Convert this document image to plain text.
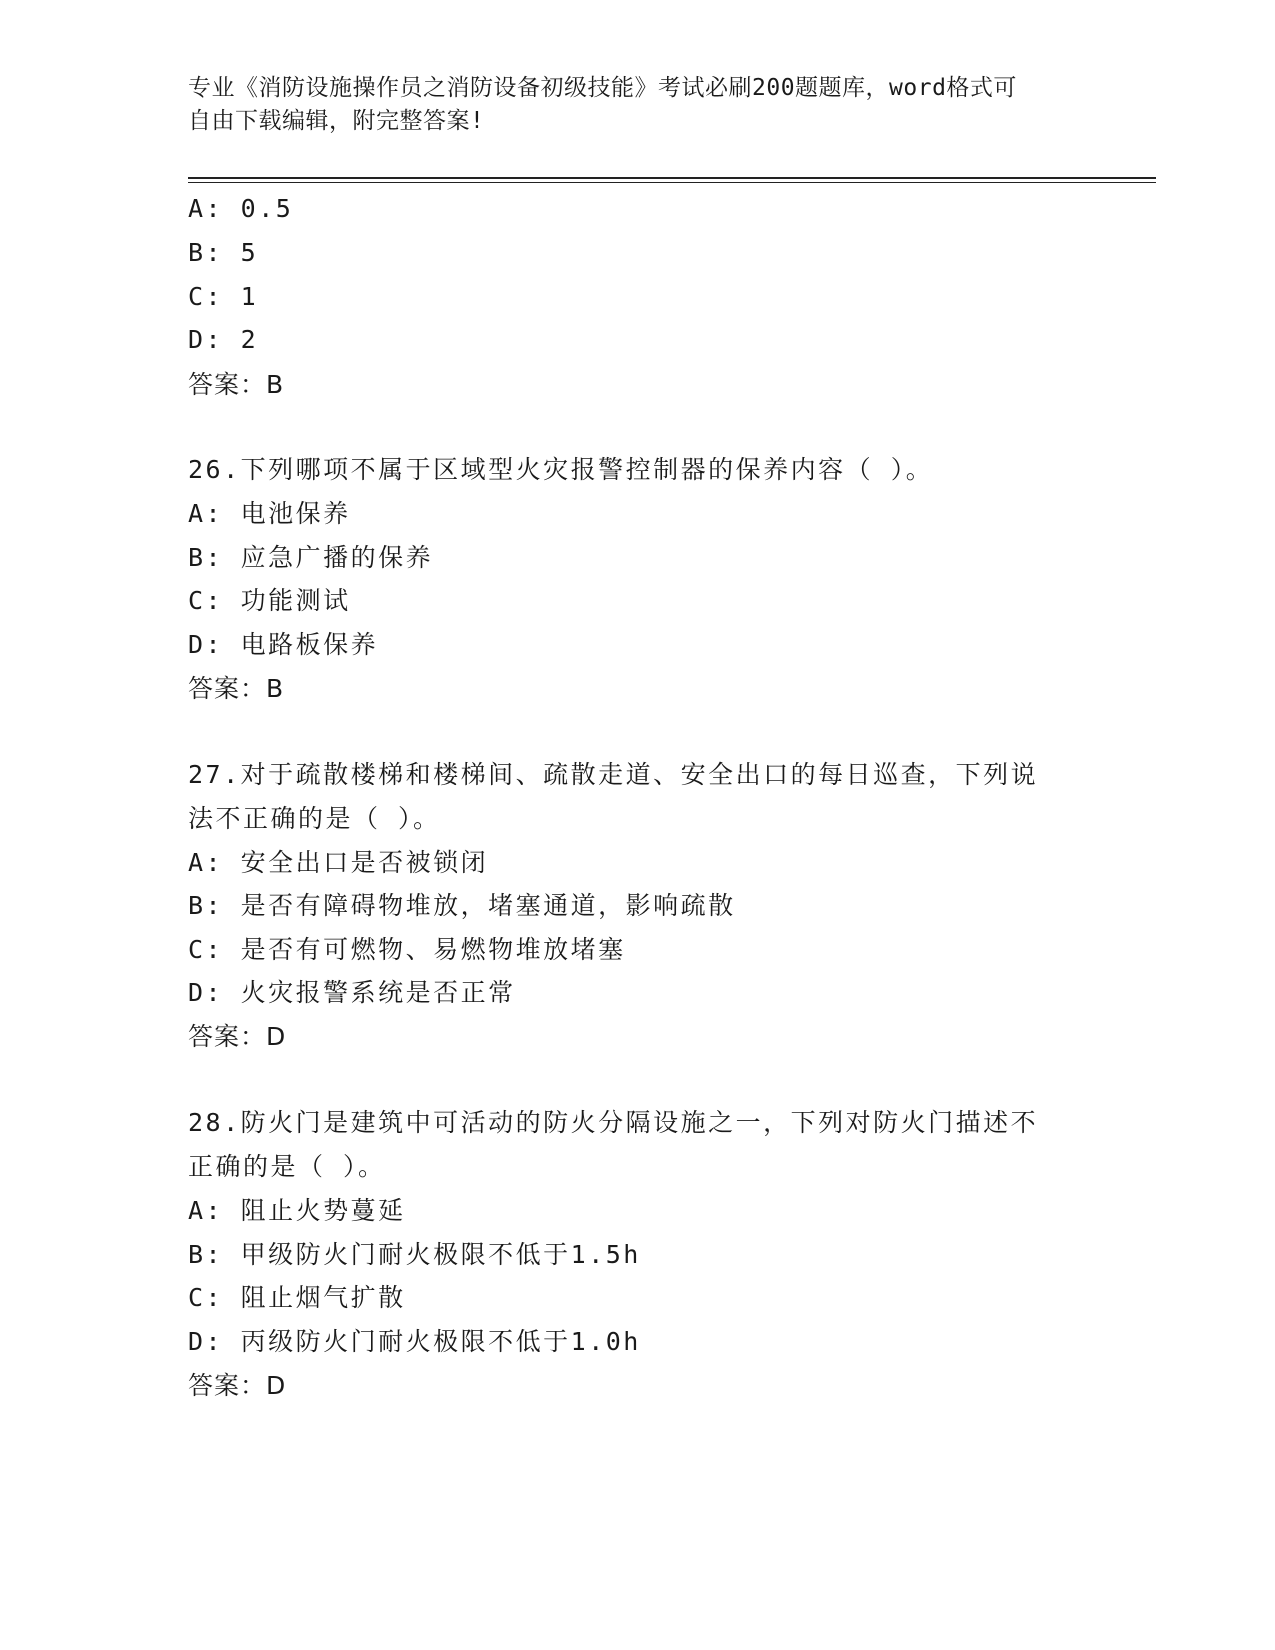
专业《消防设施操作员之消防设备初级技能》考试必刷200题题库，word格式可
自由下载编辑，附完整答案!
A: 0.5
B: 5
C: 1
D: 2
答案：B
26.下列哪项不属于区域型火灾报警控制器的保养内容（ ）。
A: 电池保养
B: 应急广播的保养
C: 功能测试
D: 电路板保养
答案：B
27.对于疏散楼梯和楼梯间、疏散走道、安全出口的每日巡查，下列说
法不正确的是（ ）。
A: 安全出口是否被锁闭
B: 是否有障碍物堆放，堵塞通道，影响疏散
C: 是否有可燃物、易燃物堆放堵塞
D: 火灾报警系统是否正常
答案：D
28.防火门是建筑中可活动的防火分隔设施之一，下列对防火门描述不
正确的是（ ）。
A: 阻止火势蔓延
B: 甲级防火门耐火极限不低于1.5h
C: 阻止烟气扩散
D: 丙级防火门耐火极限不低于1.0h
答案：D
